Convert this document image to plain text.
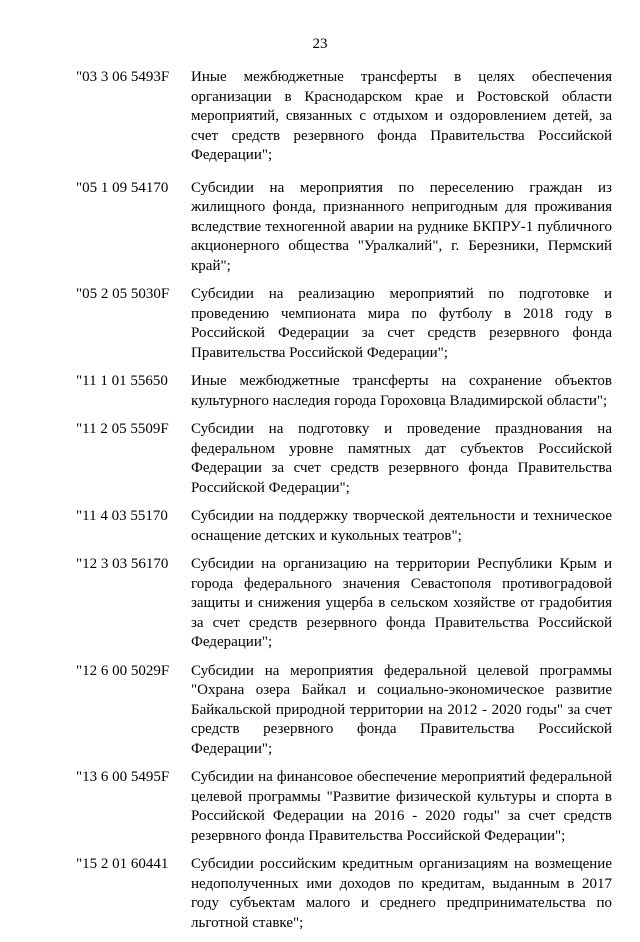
23
"03 3 06 5493F	Иные межбюджетные трансферты в целях обеспечения организации в Краснодарском крае и Ростовской области мероприятий, связанных с отдыхом и оздоровлением детей, за счет средств резервного фонда Правительства Российской Федерации";
"05 1 09 54170	Субсидии на мероприятия по переселению граждан из жилищного фонда, признанного непригодным для проживания вследствие техногенной аварии на руднике БКПРУ-1 публичного акционерного общества "Уралкалий", г. Березники, Пермский край";
"05 2 05 5030F	Субсидии на реализацию мероприятий по подготовке и проведению чемпионата мира по футболу в 2018 году в Российской Федерации за счет средств резервного фонда Правительства Российской Федерации";
"11 1 01 55650	Иные межбюджетные трансферты на сохранение объектов культурного наследия города Гороховца Владимирской области";
"11 2 05 5509F	Субсидии на подготовку и проведение празднования на федеральном уровне памятных дат субъектов Российской Федерации за счет средств резервного фонда Правительства Российской Федерации";
"11 4 03 55170	Субсидии на поддержку творческой деятельности и техническое оснащение детских и кукольных театров";
"12 3 03 56170	Субсидии на организацию на территории Республики Крым и города федерального значения Севастополя противоградовой защиты и снижения ущерба в сельском хозяйстве от градобития за счет средств резервного фонда Правительства Российской Федерации";
"12 6 00 5029F	Субсидии на мероприятия федеральной целевой программы "Охрана озера Байкал и социально-экономическое развитие Байкальской природной территории на 2012 - 2020 годы" за счет средств резервного фонда Правительства Российской Федерации";
"13 6 00 5495F	Субсидии на финансовое обеспечение мероприятий федеральной целевой программы "Развитие физической культуры и спорта в Российской Федерации на 2016 - 2020 годы" за счет средств резервного фонда Правительства Российской Федерации";
"15 2 01 60441	Субсидии российским кредитным организациям на возмещение недополученных ими доходов по кредитам, выданным в 2017 году субъектам малого и среднего предпринимательства по льготной ставке";
